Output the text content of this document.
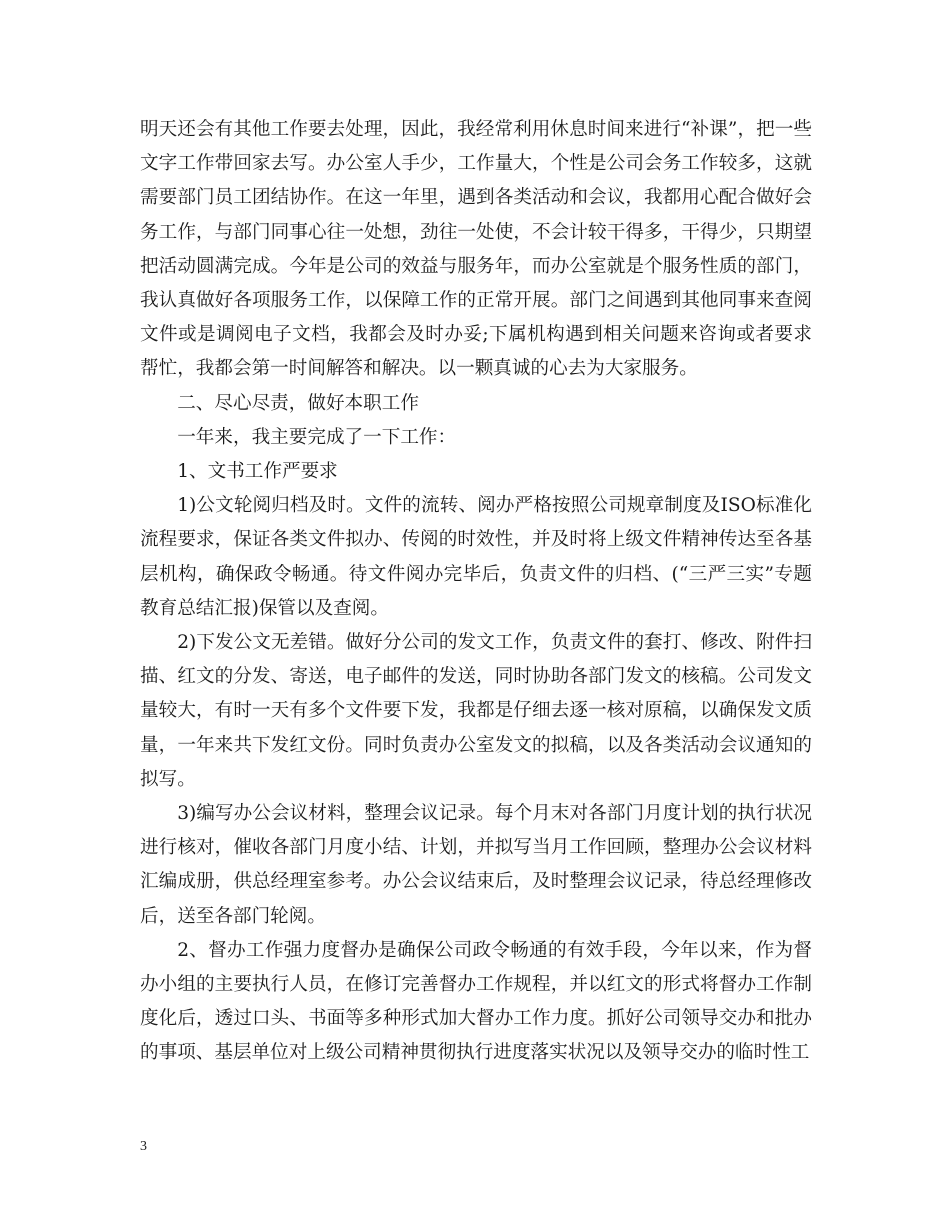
明天还会有其他工作要去处理，因此，我经常利用休息时间来进行“补课”，把一些文字工作带回家去写。办公室人手少，工作量大，个性是公司会务工作较多，这就需要部门员工团结协作。在这一年里，遇到各类活动和会议，我都用心配合做好会务工作，与部门同事心往一处想，劲往一处使，不会计较干得多，干得少，只期望把活动圆满完成。今年是公司的效益与服务年，而办公室就是个服务性质的部门，我认真做好各项服务工作，以保障工作的正常开展。部门之间遇到其他同事来查阅文件或是调阅电子文档，我都会及时办妥;下属机构遇到相关问题来咨询或者要求帮忙，我都会第一时间解答和解决。以一颗真诚的心去为大家服务。

二、尽心尽责，做好本职工作

一年来，我主要完成了一下工作：

1、文书工作严要求

1)公文轮阅归档及时。文件的流转、阅办严格按照公司规章制度及ISO标准化流程要求，保证各类文件拟办、传阅的时效性，并及时将上级文件精神传达至各基层机构，确保政令畅通。待文件阅办完毕后，负责文件的归档、(“三严三实”专题教育总结汇报)保管以及查阅。

2)下发公文无差错。做好分公司的发文工作，负责文件的套打、修改、附件扫描、红文的分发、寄送，电子邮件的发送，同时协助各部门发文的核稿。公司发文量较大，有时一天有多个文件要下发，我都是仔细去逐一核对原稿，以确保发文质量，一年来共下发红文份。同时负责办公室发文的拟稿，以及各类活动会议通知的拟写。

3)编写办公会议材料，整理会议记录。每个月末对各部门月度计划的执行状况进行核对，催收各部门月度小结、计划，并拟写当月工作回顾，整理办公会议材料汇编成册，供总经理室参考。办公会议结束后，及时整理会议记录，待总经理修改后，送至各部门轮阅。

2、督办工作强力度督办是确保公司政令畅通的有效手段，今年以来，作为督办小组的主要执行人员，在修订完善督办工作规程，并以红文的形式将督办工作制度化后，透过口头、书面等多种形式加大督办工作力度。抓好公司领导交办和批办的事项、基层单位对上级公司精神贯彻执行进度落实状况以及领导交办的临时性工

3
